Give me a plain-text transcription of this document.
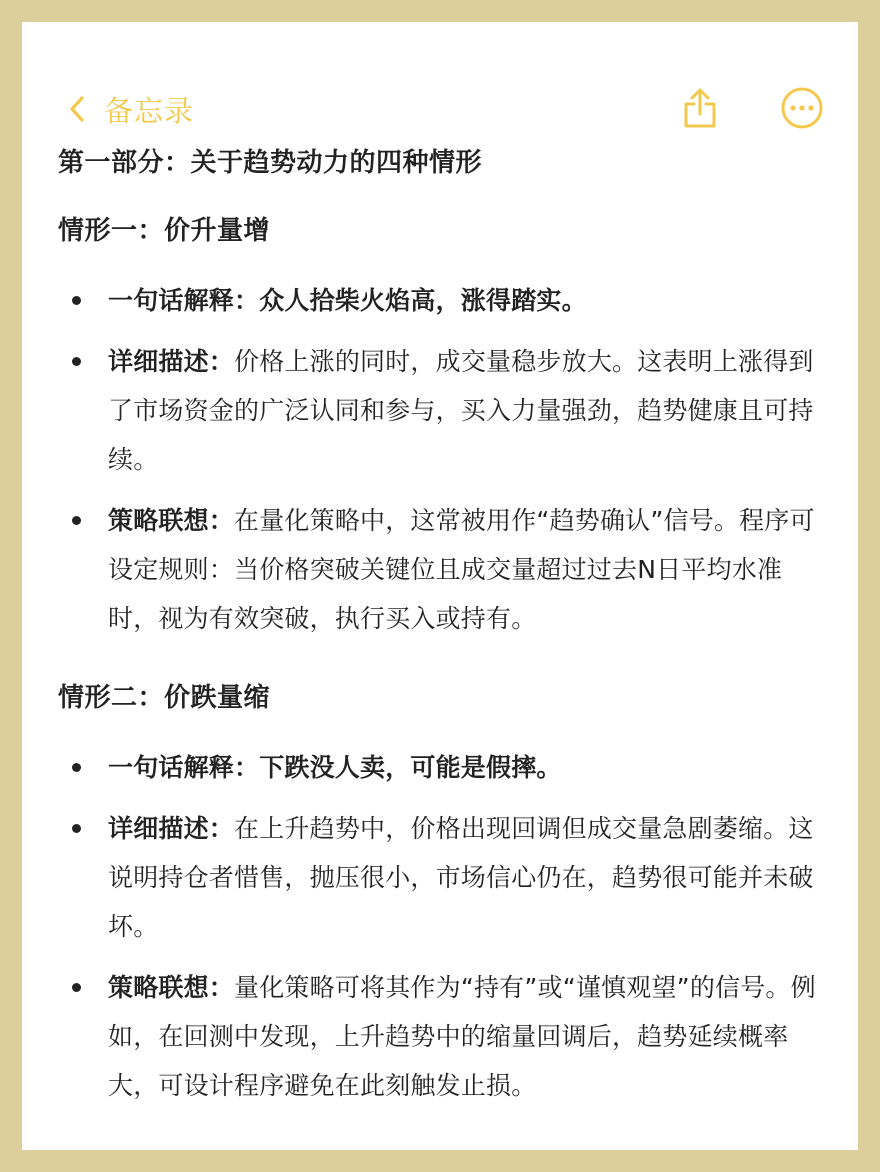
备忘录
第一部分：关于趋势动力的四种情形
情形一：价升量增
一句话解释：众人拾柴火焰高，涨得踏实。
详细描述：价格上涨的同时，成交量稳步放大。这表明上涨得到了市场资金的广泛认同和参与，买入力量强劲，趋势健康且可持续。
策略联想：在量化策略中，这常被用作“趋势确认”信号。程序可设定规则：当价格突破关键位且成交量超过过去N日平均水准时，视为有效突破，执行买入或持有。
情形二：价跌量缩
一句话解释：下跌没人卖，可能是假摔。
详细描述：在上升趋势中，价格出现回调但成交量急剧萎缩。这说明持仓者惜售，抛压很小，市场信心仍在，趋势很可能并未破坏。
策略联想：量化策略可将其作为“持有”或“谨慎观望”的信号。例如，在回测中发现，上升趋势中的缩量回调后，趋势延续概率大，可设计程序避免在此刻触发止损。
